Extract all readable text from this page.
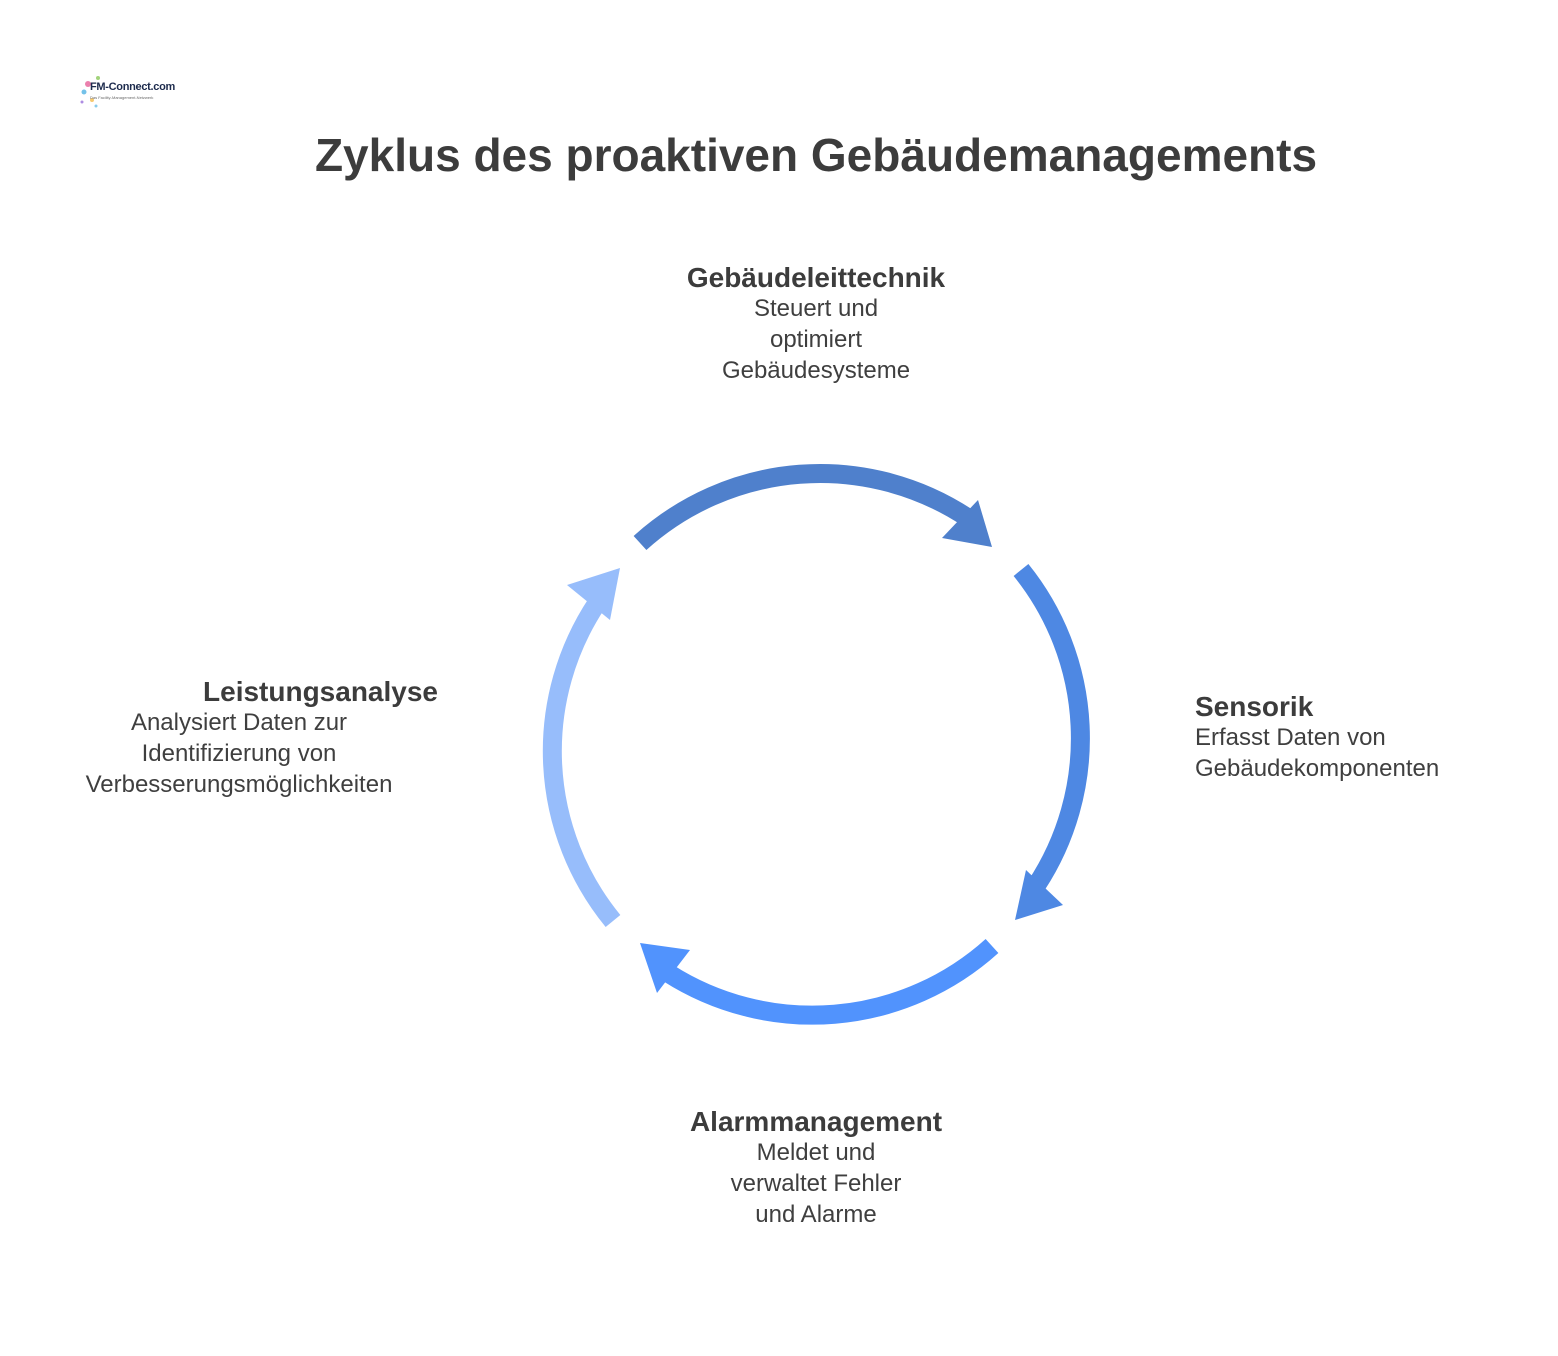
FM-Connect.com
Das Facility-Management-Netzwerk
Zyklus des proaktiven Gebäudemanagements
Gebäudeleittechnik
Steuert und
optimiert
Gebäudesysteme
Sensorik
Erfasst Daten von
Gebäudekomponenten
Alarmmanagement
Meldet und
verwaltet Fehler
und Alarme
Leistungsanalyse
Analysiert Daten zur
Identifizierung von
Verbesserungsmöglichkeiten
